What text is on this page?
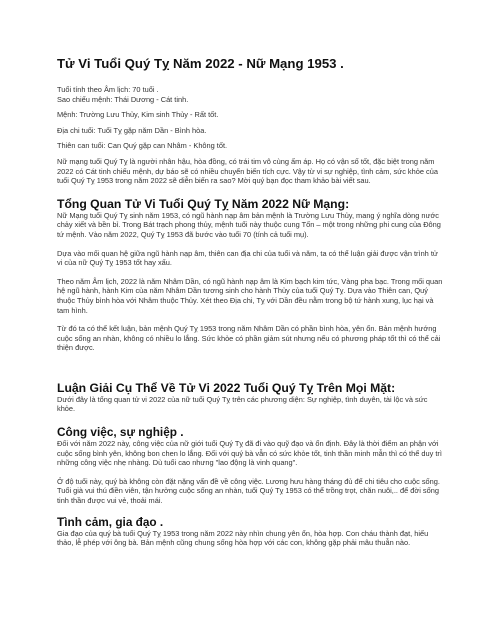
Tử Vi Tuổi Quý Tỵ Năm 2022 - Nữ Mạng 1953 .

Tuổi tính theo Âm lịch: 70 tuổi .

Sao chiếu mệnh: Thái Dương - Cát tinh.

Mệnh: Trường Lưu Thủy, Kim sinh Thủy - Rất tốt.

Địa chi tuổi: Tuổi Tỵ gặp năm Dần - Bình hòa.

Thiên can tuổi: Can Quý gặp can Nhâm - Không tốt.

Nữ mạng tuổi Quý Tỵ là người nhân hậu, hòa đồng, có trái tim vô cùng ấm áp. Họ có vận số tốt, đặc biệt trong năm 2022 có Cát tinh chiếu mệnh, dự báo sẽ có nhiều chuyển biến tích cực. Vậy từ vi sự nghiệp, tình cảm, sức khỏe của tuổi Quý Tỵ 1953 trong năm 2022 sẽ diễn biến ra sao? Mời quý bạn đọc tham khảo bài viết sau.

Tổng Quan Tử Vi Tuổi Quý Tỵ Năm 2022 Nữ Mạng:

Nữ Mạng tuổi Quý Tỵ sinh năm 1953, có ngũ hành nạp âm bản mệnh là Trường Lưu Thủy, mang ý nghĩa dòng nước chảy xiết và bền bỉ. Trong Bát trạch phong thủy, mệnh tuổi này thuộc cung Tốn – một trong những phi cung của Đông tứ mệnh. Vào năm 2022, Quý Tỵ 1953 đã bước vào tuổi 70 (tính cả tuổi mụ).

Dựa vào mối quan hệ giữa ngũ hành nạp âm, thiên can địa chi của tuổi và năm, ta có thể luận giải được vận trình tử vi của nữ Quý Tỵ 1953 tốt hay xấu.

Theo năm Âm lịch, 2022 là năm Nhâm Dần, có ngũ hành nạp âm là Kim bạch kim tức, Vàng pha bạc. Trong mối quan hệ ngũ hành, hành Kim của năm Nhâm Dần tương sinh cho hành Thủy của tuổi Quý Tỵ. Dựa vào Thiên can, Quý thuộc Thủy bình hòa với Nhâm thuộc Thủy. Xét theo Địa chi, Tỵ với Dần đều nằm trong bộ tứ hành xung, lục hại và tam hình.

Từ đó ta có thể kết luận, bản mệnh Quý Tỵ 1953 trong năm Nhâm Dần có phần bình hòa, yên ổn. Bản mệnh hướng cuộc sống an nhàn, không có nhiều lo lắng. Sức khỏe có phần giảm sút nhưng nếu có phương pháp tốt thì có thể cải thiện được.

Luận Giải Cụ Thể Về Tử Vi 2022 Tuổi Quý Tỵ Trên Mọi Mặt:

Dưới đây là tổng quan tử vi 2022 của nữ tuổi Quý Tỵ trên các phương diện: Sự nghiệp, tình duyên, tài lộc và sức khỏe.

Công việc, sự nghiệp .

Đối với năm 2022 này, công việc của nữ giới tuổi Quý Tỵ đã đi vào quỹ đạo và ổn định. Đây là thời điểm an phận với cuộc sống bình yên, không bon chen lo lắng. Đối với quý bà vẫn có sức khỏe tốt, tinh thần minh mẫn thì có thể duy trì những công việc nhẹ nhàng. Dù tuổi cao nhưng "lao động là vinh quang".

Ở độ tuổi này, quý bà không còn đặt nặng vấn đề về công việc. Lương hưu hàng tháng đủ để chi tiêu cho cuộc sống. Tuổi già vui thú điền viên, tận hưởng cuộc sống an nhàn, tuổi Quý Tỵ 1953 có thể trồng trọt, chăn nuôi,.. để đời sống tinh thần được vui vẻ, thoải mái.

Tình cảm, gia đạo .

Gia đạo của quý bà tuổi Quý Tỵ 1953 trong năm 2022 này nhìn chung yên ổn, hòa hợp. Con cháu thành đạt, hiếu thảo, lễ phép với ông bà. Bản mệnh cũng chung sống hòa hợp với các con, không gặp phải mâu thuẫn nào.
